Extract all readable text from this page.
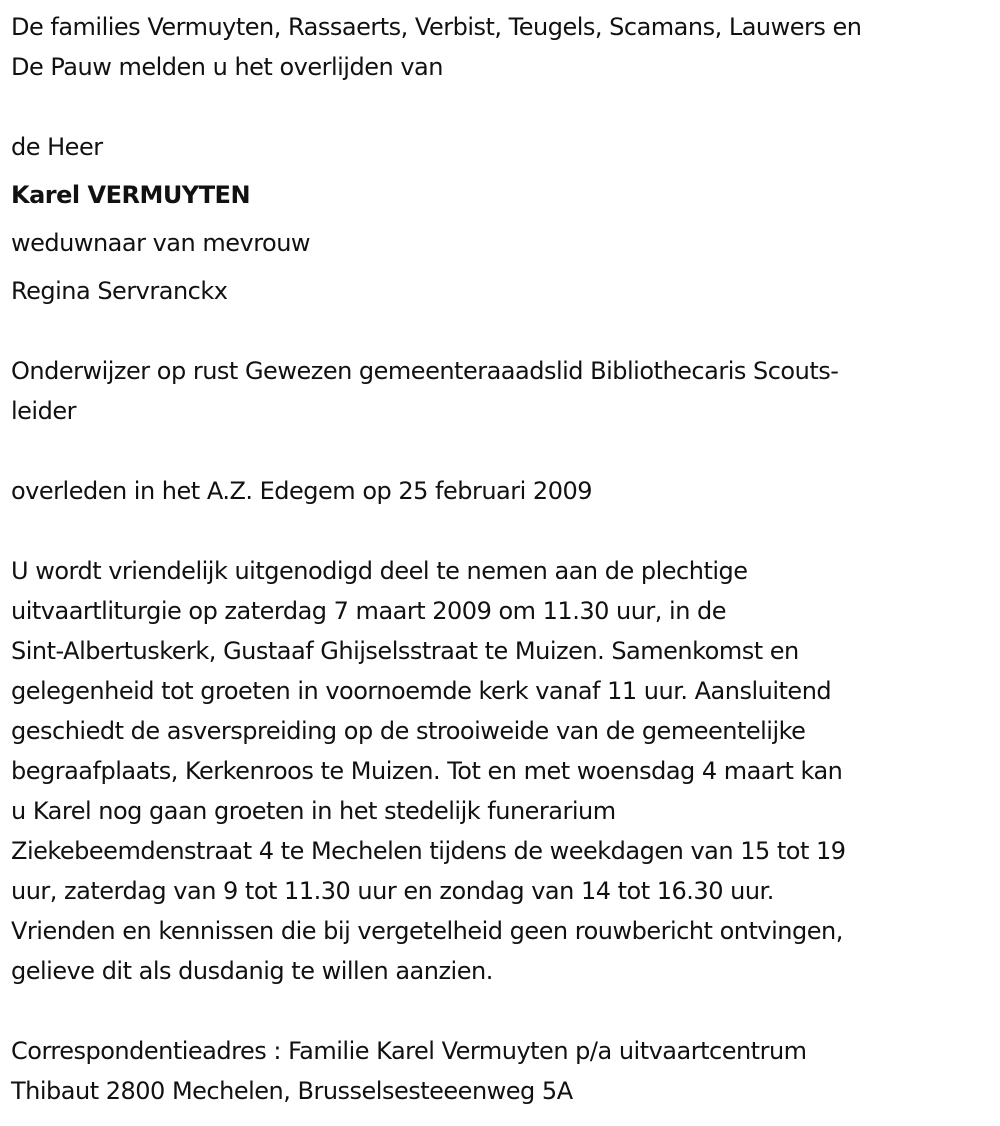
De families Vermuyten, Rassaerts, Verbist, Teugels, Scamans, Lauwers en
De Pauw melden u het overlijden van

de Heer

Karel VERMUYTEN

weduwnaar van mevrouw

Regina Servranckx

Onderwijzer op rust Gewezen gemeenteraaadslid Bibliothecaris Scouts-
leider

overleden in het A.Z. Edegem op 25 februari 2009

U wordt vriendelijk uitgenodigd deel te nemen aan de plechtige
uitvaartliturgie op zaterdag 7 maart 2009 om 11.30 uur, in de
Sint-Albertuskerk, Gustaaf Ghijselsstraat te Muizen. Samenkomst en
gelegenheid tot groeten in voornoemde kerk vanaf 11 uur. Aansluitend
geschiedt de asverspreiding op de strooiweide van de gemeentelijke
begraafplaats, Kerkenroos te Muizen. Tot en met woensdag 4 maart kan
u Karel nog gaan groeten in het stedelijk funerarium
Ziekebeemdenstraat 4 te Mechelen tijdens de weekdagen van 15 tot 19
uur, zaterdag van 9 tot 11.30 uur en zondag van 14 tot 16.30 uur.
Vrienden en kennissen die bij vergetelheid geen rouwbericht ontvingen,
gelieve dit als dusdanig te willen aanzien.

Correspondentieadres : Familie Karel Vermuyten p/a uitvaartcentrum
Thibaut 2800 Mechelen, Brusselsesteeenweg 5A
